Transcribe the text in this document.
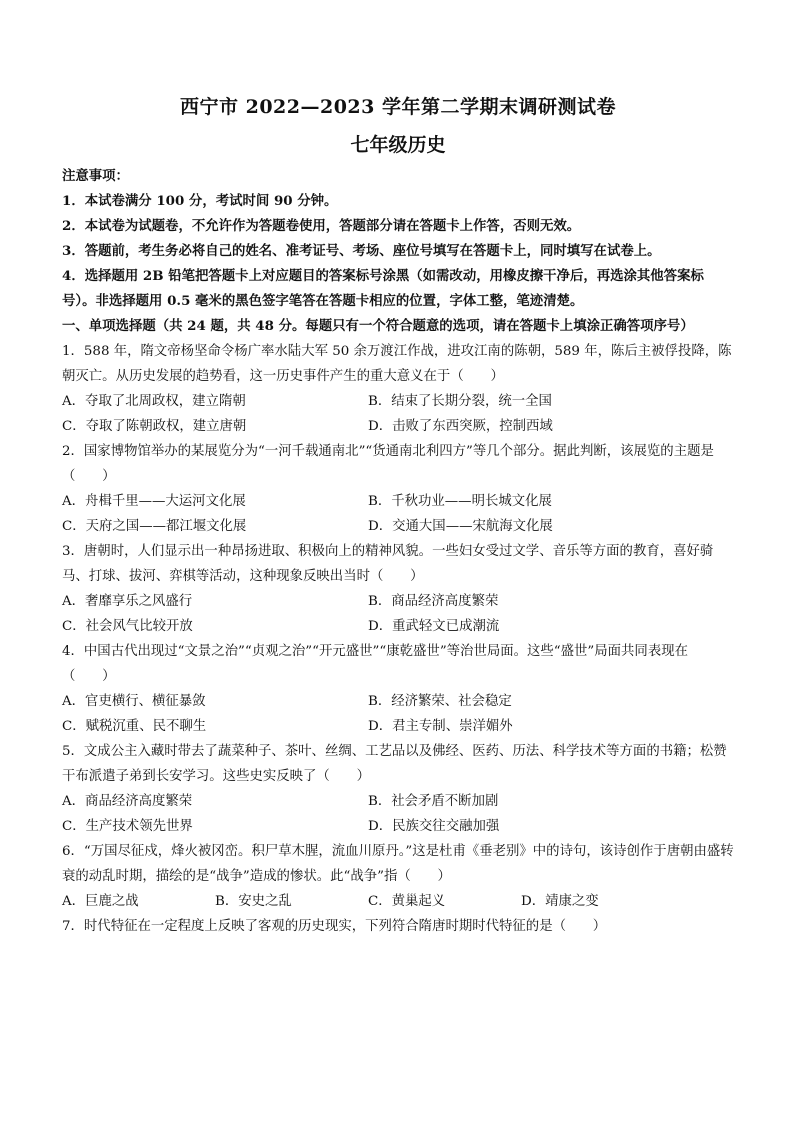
西宁市 2022—2023 学年第二学期末调研测试卷
七年级历史
注意事项：
1．本试卷满分 100 分，考试时间 90 分钟。
2．本试卷为试题卷，不允许作为答题卷使用，答题部分请在答题卡上作答，否则无效。
3．答题前，考生务必将自己的姓名、准考证号、考场、座位号填写在答题卡上，同时填写在试卷上。
4．选择题用 2B 铅笔把答题卡上对应题目的答案标号涂黑（如需改动，用橡皮擦干净后，再选涂其他答案标号）。非选择题用 0.5 毫米的黑色签字笔答在答题卡相应的位置，字体工整，笔迹清楚。
一、单项选择题（共 24 题，共 48 分。每题只有一个符合题意的选项，请在答题卡上填涂正确答项序号）
1．588 年，隋文帝杨坚命令杨广率水陆大军 50 余万渡江作战，进攻江南的陈朝，589 年，陈后主被俘投降，陈朝灭亡。从历史发展的趋势看，这一历史事件产生的重大意义在于（　　）
A．夺取了北周政权，建立隋朝	B．结束了长期分裂，统一全国
C．夺取了陈朝政权，建立唐朝	D．击败了东西突厥，控制西域
2．国家博物馆举办的某展览分为“一河千载通南北”“货通南北利四方”等几个部分。据此判断，该展览的主题是（　　）
A．舟楫千里——大运河文化展	B．千秋功业——明长城文化展
C．天府之国——都江堰文化展	D．交通大国——宋航海文化展
3．唐朝时，人们显示出一种昂扬进取、积极向上的精神风貌。一些妇女受过文学、音乐等方面的教育，喜好骑马、打球、拔河、弈棋等活动，这种现象反映出当时（　　）
A．奢靡享乐之风盛行	B．商品经济高度繁荣
C．社会风气比较开放	D．重武轻文已成潮流
4．中国古代出现过“文景之治”“贞观之治”“开元盛世”“康乾盛世”等治世局面。这些“盛世”局面共同表现在（　　）
A．官吏横行、横征暴敛	B．经济繁荣、社会稳定
C．赋税沉重、民不聊生	D．君主专制、崇洋媚外
5．文成公主入藏时带去了蔬菜种子、茶叶、丝绸、工艺品以及佛经、医药、历法、科学技术等方面的书籍；松赞干布派遣子弟到长安学习。这些史实反映了（　　）
A．商品经济高度繁荣	B．社会矛盾不断加剧
C．生产技术领先世界	D．民族交往交融加强
6．“万国尽征戍，烽火被冈峦。积尸草木腥，流血川原丹。”这是杜甫《垂老别》中的诗句，该诗创作于唐朝由盛转衰的动乱时期，描绘的是“战争”造成的惨状。此“战争”指（　　）
A．巨鹿之战	B．安史之乱	C．黄巢起义	D．靖康之变
7．时代特征在一定程度上反映了客观的历史现实，下列符合隋唐时期时代特征的是（　　）
